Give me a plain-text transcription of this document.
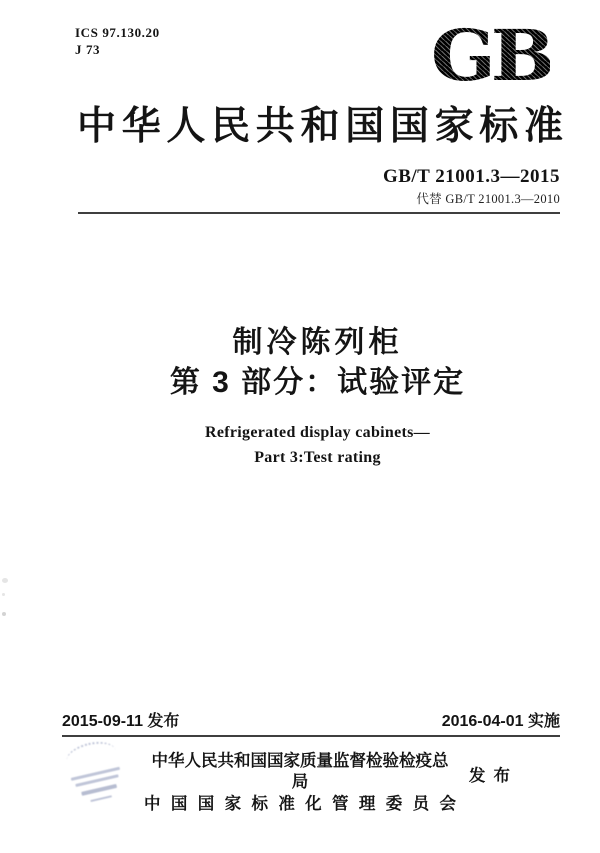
ICS 97.130.20
J 73	GB
中华人民共和国国家标准
GB/T 21001.3—2015
代替 GB/T 21001.3—2010
制冷陈列柜
第 3 部分：试验评定
Refrigerated display cabinets—
Part 3:Test rating
2015-09-11 发布	2016-04-01 实施
中华人民共和国国家质量监督检验检疫总局
中国国家标准化管理委员会
发 布
